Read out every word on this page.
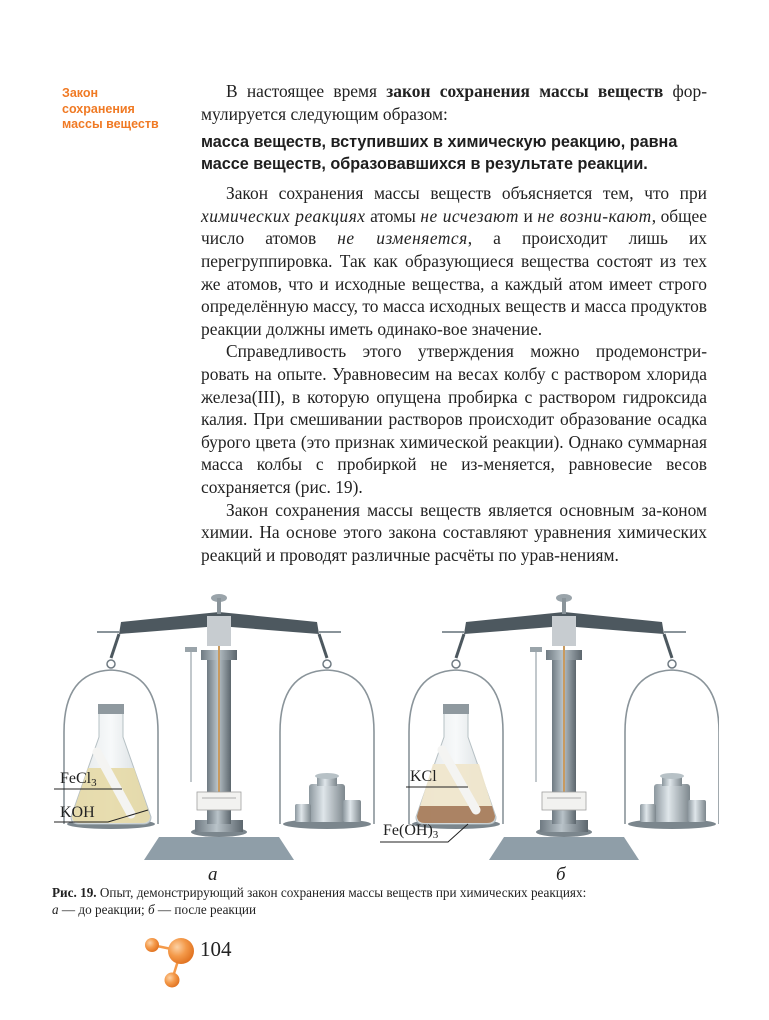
Закон
сохранения
массы веществ

В настоящее время закон сохранения массы веществ фор-мулируется следующим образом:

масса веществ, вступивших в химическую реакцию, равна
массе веществ, образовавшихся в результате реакции.

Закон сохранения массы веществ объясняется тем, что при химических реакциях атомы не исчезают и не возни-кают, общее число атомов не изменяется, а происходит лишь их перегруппировка. Так как образующиеся вещества состоят из тех же атомов, что и исходные вещества, а каждый атом имеет строго определённую массу, то масса исходных веществ и масса продуктов реакции должны иметь одинако-вое значение.

Справедливость этого утверждения можно продемонстри-ровать на опыте. Уравновесим на весах колбу с раствором хлорида железа(III), в которую опущена пробирка с раствором гидроксида калия. При смешивании растворов происходит образование осадка бурого цвета (это признак химической реакции). Однако суммарная масса колбы с пробиркой не из-меняется, равновесие весов сохраняется (рис. 19).

Закон сохранения массы веществ является основным за-коном химии. На основе этого закона составляют уравнения химических реакций и проводят различные расчёты по урав-нениям.

FeCl$_3$
KOH
KCl
$Fe(OH)_3$
а	б
Рис. 19. Опыт, демонстрирующий закон сохранения массы веществ при химических реакциях:
а — до реакции; б — после реакции
104
